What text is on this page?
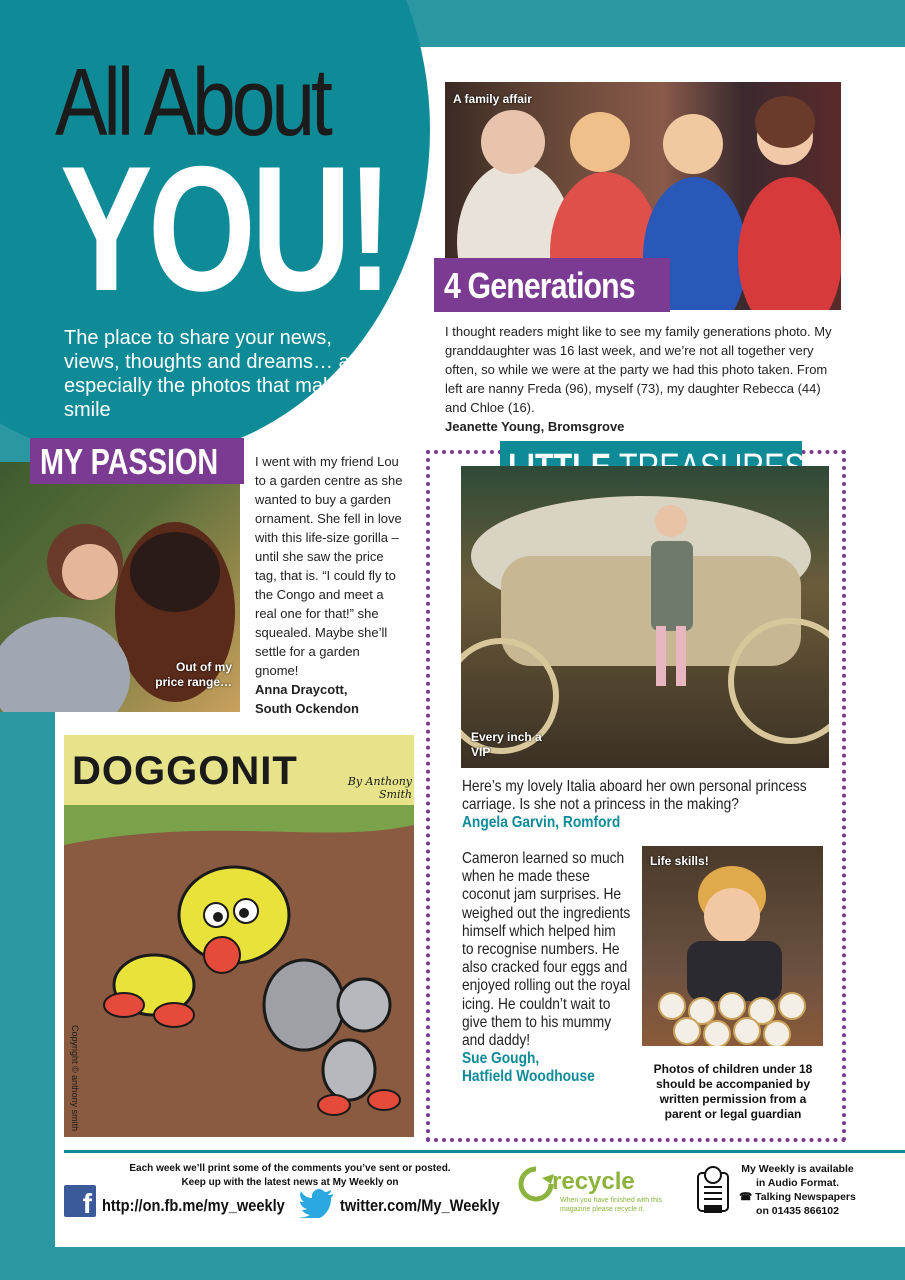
All About
YOU!
The place to share your news, views, thoughts and dreams… and especially the photos that make you smile
A family affair
4 Generations
I thought readers might like to see my family generations photo. My granddaughter was 16 last week, and we’re not all together very often, so while we were at the party we had this photo taken. From left are nanny Freda (96), myself (73), my daughter Rebecca (44) and Chloe (16).
Jeanette Young, Bromsgrove
Out of my price range…
MY PASSION	I went with my friend Lou to a garden centre as she wanted to buy a garden ornament. She fell in love with this life-size gorilla – until she saw the price tag, that is. “I could fly to the Congo and meet a real one for that!” she squealed. Maybe she’ll settle for a garden gnome!
Anna Draycott,
South Ockendon
DOGGONIT	By Anthony Smith
Copyright © anthony smith
Every inch a VIP
Here’s my lovely Italia aboard her own personal princess carriage. Is she not a princess in the making?
Angela Garvin, Romford
Cameron learned so much when he made these coconut jam surprises. He weighed out the ingredients himself which helped him to recognise numbers. He also cracked four eggs and enjoyed rolling out the royal icing. He couldn’t wait to give them to his mummy and daddy!
Sue Gough,
Hatfield Woodhouse
Life skills!
Photos of children under 18 should be accompanied by written permission from a parent or legal guardian
Each week we’ll print some of the comments you’ve sent or posted.
Keep up with the latest news at My Weekly on
f http://on.fb.me/my_weekly	twitter.com/My_Weekly
recycle
When you have finished with this magazine please recycle it.
My Weekly is available
in Audio Format.
☎ Talking Newspapers
on 01435 866102
